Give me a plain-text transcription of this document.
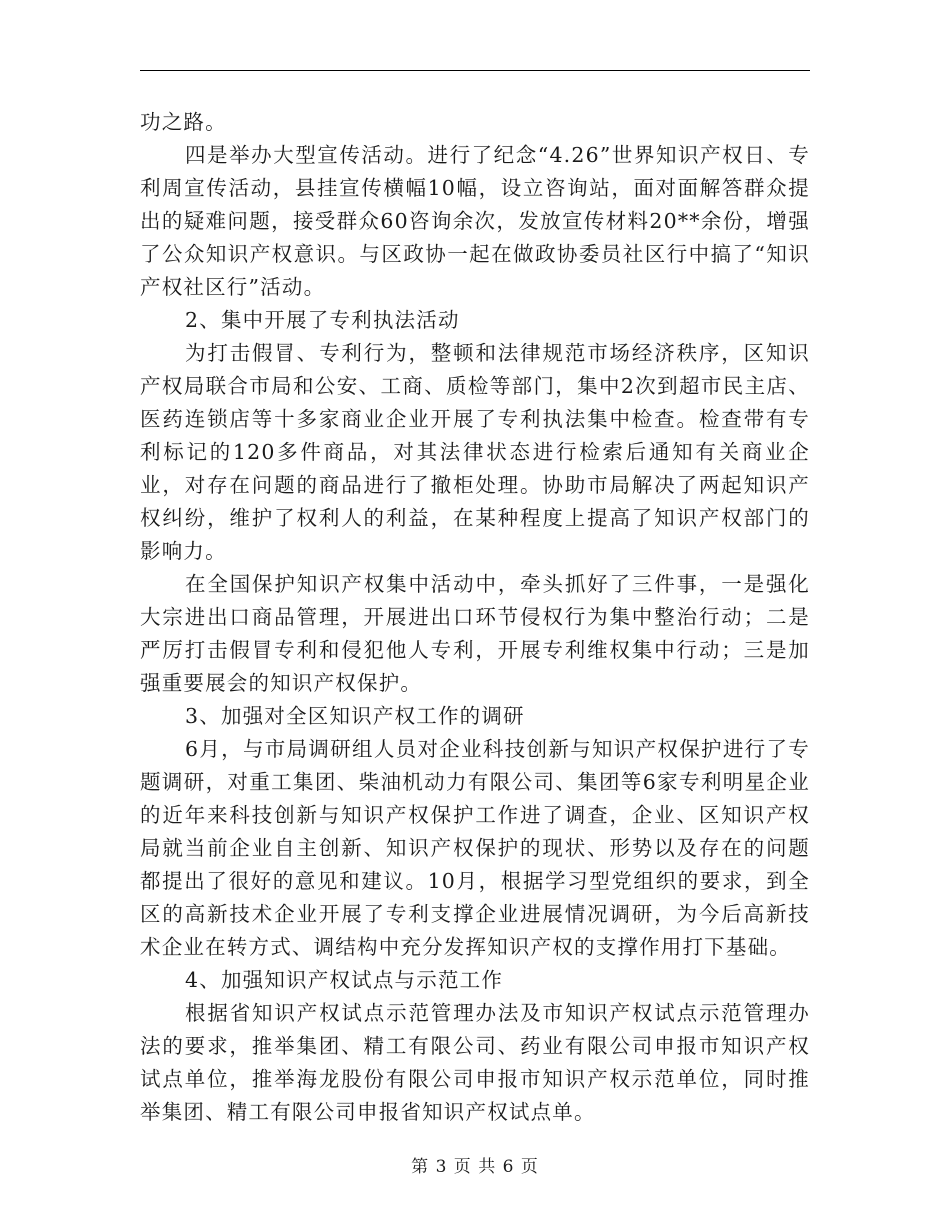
功之路。

四是举办大型宣传活动。进行了纪念“4.26”世界知识产权日、专利周宣传活动，县挂宣传横幅10幅，设立咨询站，面对面解答群众提出的疑难问题，接受群众60咨询余次，发放宣传材料20**余份，增强了公众知识产权意识。与区政协一起在做政协委员社区行中搞了“知识产权社区行”活动。

2、集中开展了专利执法活动

为打击假冒、专利行为，整顿和法律规范市场经济秩序，区知识产权局联合市局和公安、工商、质检等部门，集中2次到超市民主店、医药连锁店等十多家商业企业开展了专利执法集中检查。检查带有专利标记的120多件商品，对其法律状态进行检索后通知有关商业企业，对存在问题的商品进行了撤柜处理。协助市局解决了两起知识产权纠纷，维护了权利人的利益，在某种程度上提高了知识产权部门的影响力。

在全国保护知识产权集中活动中，牵头抓好了三件事，一是强化大宗进出口商品管理，开展进出口环节侵权行为集中整治行动；二是严厉打击假冒专利和侵犯他人专利，开展专利维权集中行动；三是加强重要展会的知识产权保护。

3、加强对全区知识产权工作的调研

6月，与市局调研组人员对企业科技创新与知识产权保护进行了专题调研，对重工集团、柴油机动力有限公司、集团等6家专利明星企业的近年来科技创新与知识产权保护工作进了调查，企业、区知识产权局就当前企业自主创新、知识产权保护的现状、形势以及存在的问题都提出了很好的意见和建议。10月，根据学习型党组织的要求，到全区的高新技术企业开展了专利支撑企业进展情况调研，为今后高新技术企业在转方式、调结构中充分发挥知识产权的支撑作用打下基础。

4、加强知识产权试点与示范工作

根据省知识产权试点示范管理办法及市知识产权试点示范管理办法的要求，推举集团、精工有限公司、药业有限公司申报市知识产权试点单位，推举海龙股份有限公司申报市知识产权示范单位，同时推举集团、精工有限公司申报省知识产权试点单。

第 3 页 共 6 页
